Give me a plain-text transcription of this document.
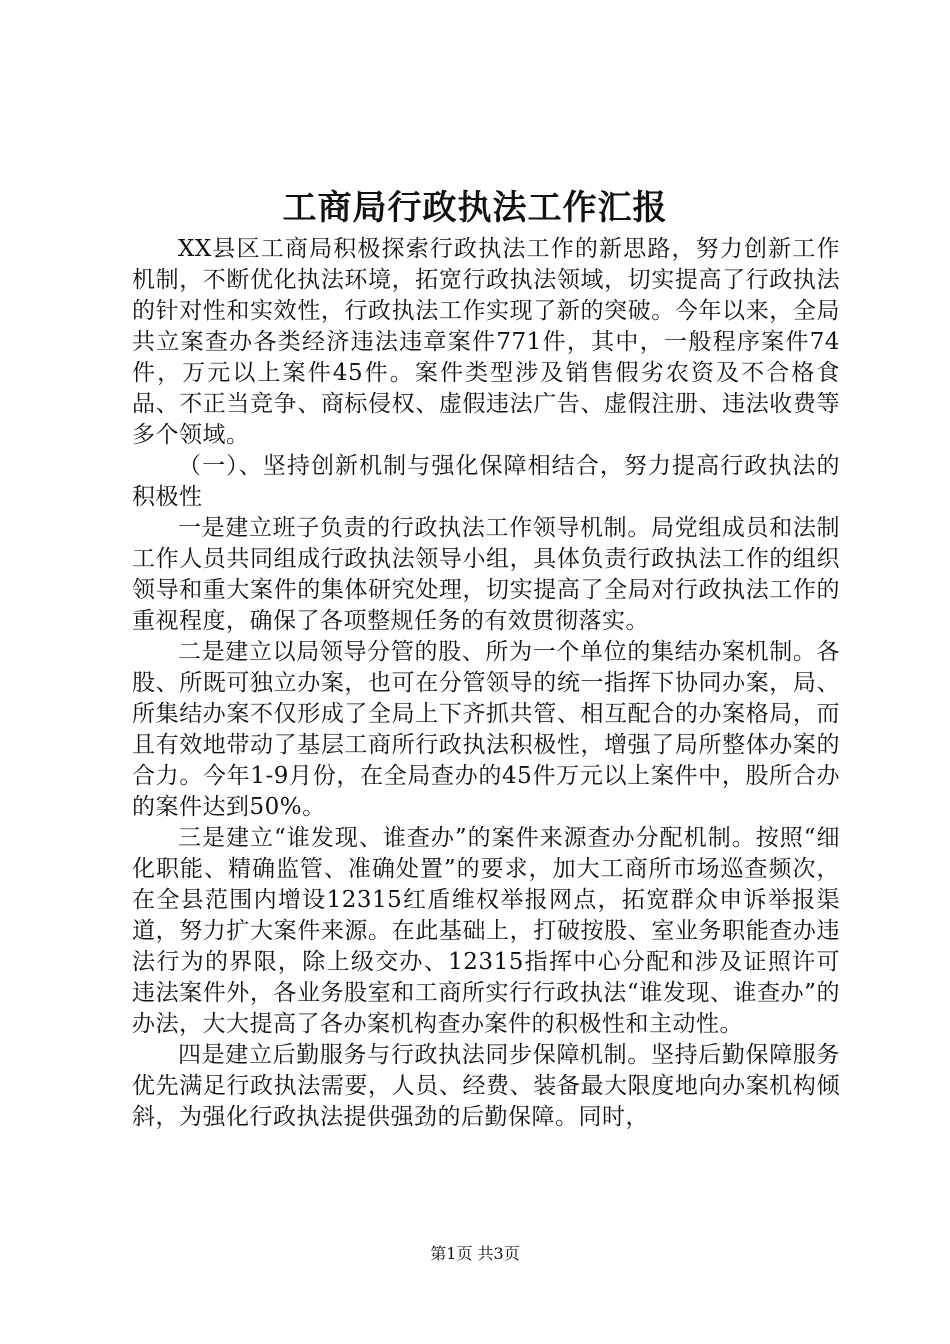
工商局行政执法工作汇报

XX县区工商局积极探索行政执法工作的新思路，努力创新工作机制，不断优化执法环境，拓宽行政执法领域，切实提高了行政执法的针对性和实效性，行政执法工作实现了新的突破。今年以来，全局共立案查办各类经济违法违章案件771件，其中，一般程序案件74件，万元以上案件45件。案件类型涉及销售假劣农资及不合格食品、不正当竞争、商标侵权、虚假违法广告、虚假注册、违法收费等多个领域。

（一）、坚持创新机制与强化保障相结合，努力提高行政执法的积极性

一是建立班子负责的行政执法工作领导机制。局党组成员和法制工作人员共同组成行政执法领导小组，具体负责行政执法工作的组织领导和重大案件的集体研究处理，切实提高了全局对行政执法工作的重视程度，确保了各项整规任务的有效贯彻落实。

二是建立以局领导分管的股、所为一个单位的集结办案机制。各股、所既可独立办案，也可在分管领导的统一指挥下协同办案，局、所集结办案不仅形成了全局上下齐抓共管、相互配合的办案格局，而且有效地带动了基层工商所行政执法积极性，增强了局所整体办案的合力。今年1-9月份，在全局查办的45件万元以上案件中，股所合办的案件达到50%。

三是建立“谁发现、谁查办”的案件来源查办分配机制。按照“细化职能、精确监管、准确处置”的要求，加大工商所市场巡查频次，在全县范围内增设12315红盾维权举报网点，拓宽群众申诉举报渠道，努力扩大案件来源。在此基础上，打破按股、室业务职能查办违法行为的界限，除上级交办、12315指挥中心分配和涉及证照许可违法案件外，各业务股室和工商所实行行政执法“谁发现、谁查办”的办法，大大提高了各办案机构查办案件的积极性和主动性。

四是建立后勤服务与行政执法同步保障机制。坚持后勤保障服务优先满足行政执法需要，人员、经费、装备最大限度地向办案机构倾斜，为强化行政执法提供强劲的后勤保障。同时，

第1页 共3页
